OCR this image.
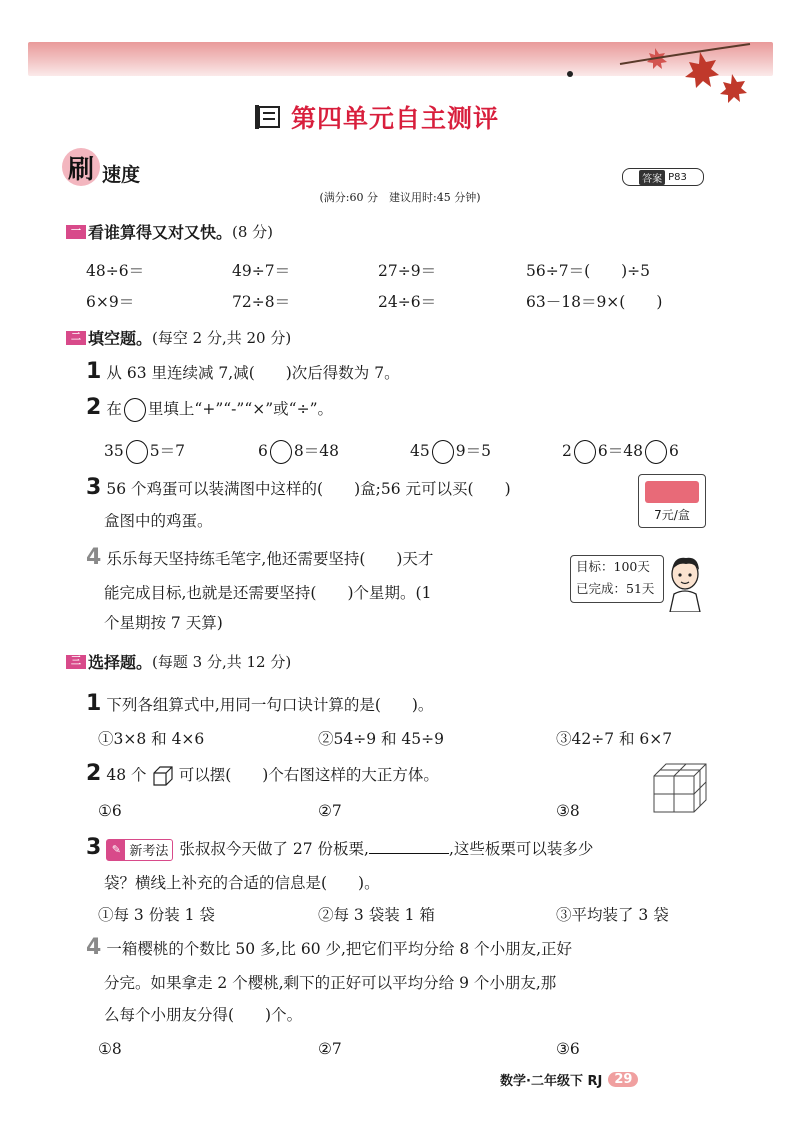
第四单元自主测评
刷 速度	答案 P83
(满分:60 分　建议用时:45 分钟)
一 看谁算得又对又快。 (8 分)
48÷6＝	49÷7＝	27÷9＝	56÷7＝(　　)÷5
6×9＝	72÷8＝	24÷6＝	63－18＝9×(　　)
二 填空题。 (每空 2 分,共 20 分)
1 从 63 里连续减 7,减(　　)次后得数为 7。
2 在 里填上“+”“-”“×”或“÷”。
35 5＝7	6 8＝48	45 9＝5	2 6＝48 6
3 56 个鸡蛋可以装满图中这样的(　　)盒;56 元可以买(　　)
盒图中的鸡蛋。	7元/盒
4 乐乐每天坚持练毛笔字,他还需要坚持(　　)天才
能完成目标,也就是还需要坚持(　　)个星期。(1
个星期按 7 天算)
目标：100天
已完成：51天
三 选择题。 (每题 3 分,共 12 分)
1 下列各组算式中,用同一句口诀计算的是(　　)。
①3×8 和 4×6	②54÷9 和 45÷9	③42÷7 和 6×7
2 48 个 可以摆(　　)个右图这样的大正方体。
①6	②7	③8
3 ✎ 新考法 张叔叔今天做了 27 份板栗,	,这些板栗可以装多少
袋？横线上补充的合适的信息是(　　)。
①每 3 份装 1 袋	②每 3 袋装 1 箱	③平均装了 3 袋
4 一箱樱桃的个数比 50 多,比 60 少,把它们平均分给 8 个小朋友,正好
分完。如果拿走 2 个樱桃,剩下的正好可以平均分给 9 个小朋友,那
么每个小朋友分得(　　)个。
①8	②7	③6
数学·二年级下 RJ 29
